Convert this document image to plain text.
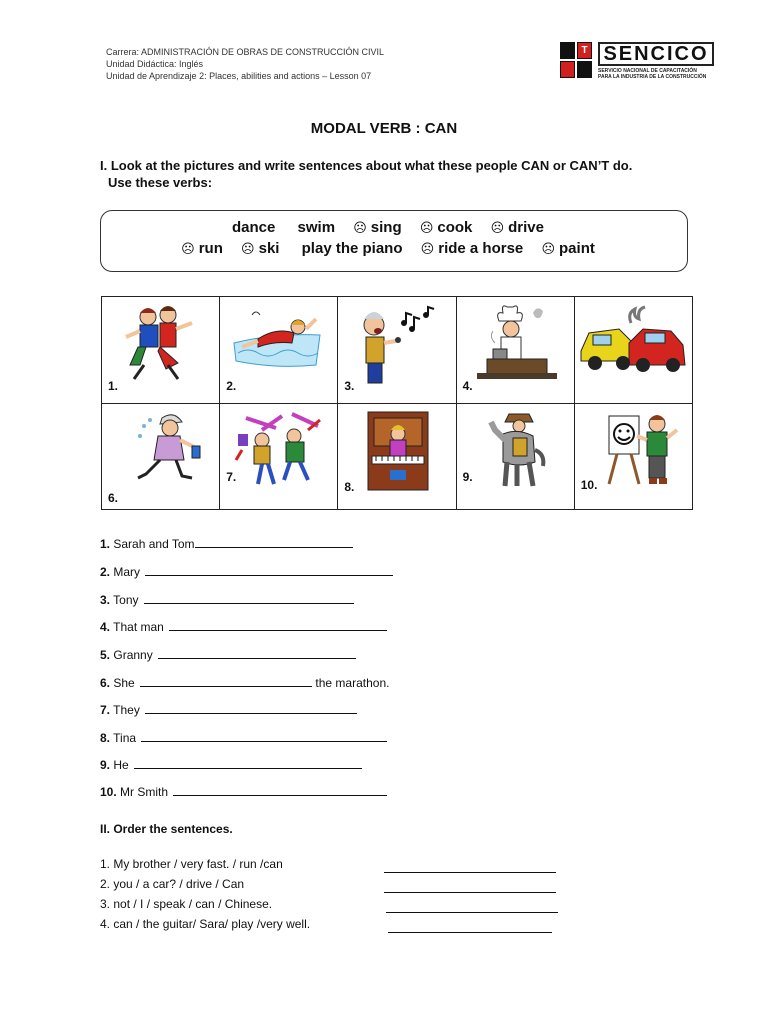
Carrera: ADMINISTRACIÓN DE OBRAS DE CONSTRUCCIÓN CIVIL
Unidad Didáctica: Inglés
Unidad de Aprendizaje 2: Places, abilities and actions – Lesson 07
T SENCICO
SERVICIO NACIONAL DE CAPACITACIÓN
PARA LA INDUSTRIA DE LA CONSTRUCCIÓN
MODAL VERB : CAN
I. Look at the pictures and write sentences about what these people CAN or CAN’T do.
Use these verbs:
dance swim ☹ sing ☹ cook ☹ drive
☹ run ☹ ski play the piano ☹ ride a horse ☹ paint
1.	2.	3.	4.

6.	7.	8.	9.	10.
1. Sarah and Tom
2. Mary
3. Tony
4. That man
5. Granny
6. She	the marathon.
7. They
8. Tina
9. He
10. Mr Smith
II. Order the sentences.
1. My brother / very fast. / run /can
2. you / a car? / drive / Can
3. not / I / speak / can / Chinese.
4. can / the guitar/ Sara/ play /very well.
